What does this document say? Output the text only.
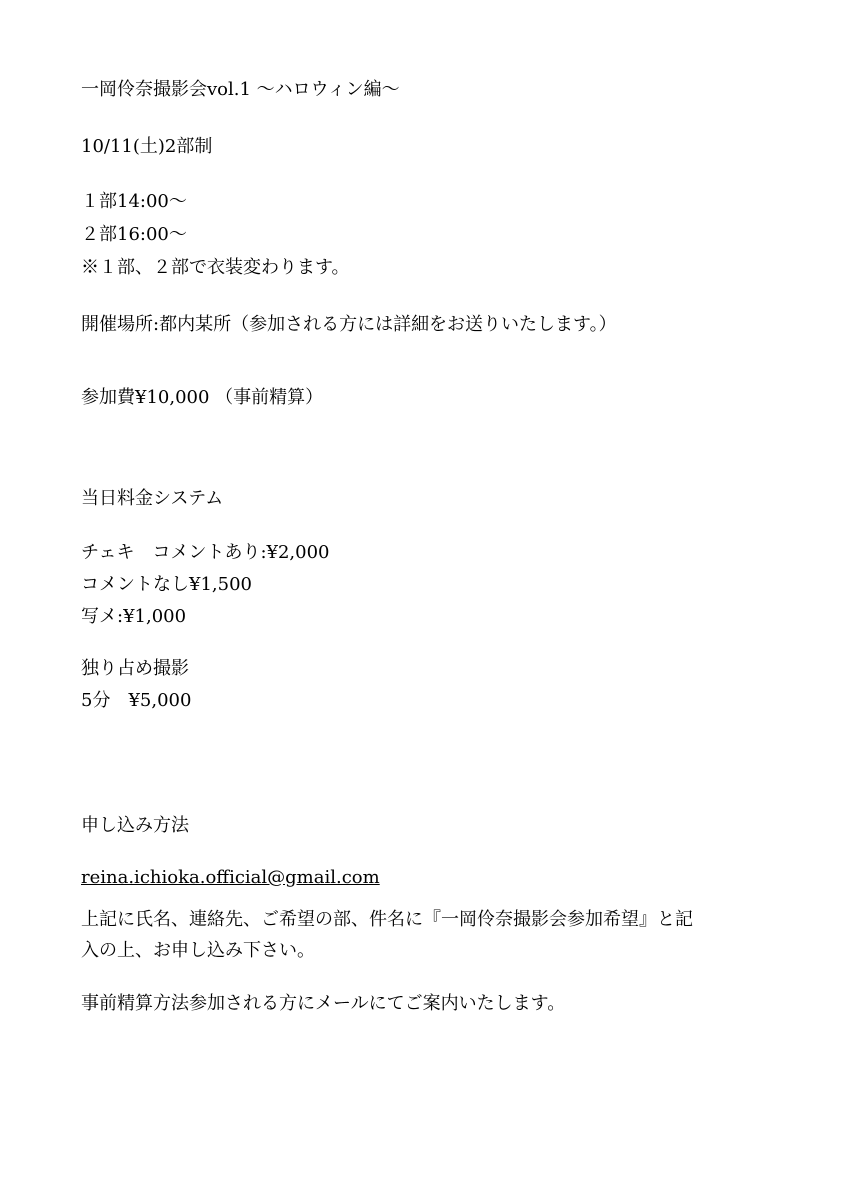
一岡伶奈撮影会vol.1 〜ハロウィン編〜

10/11(土)2部制

１部14:00〜

２部16:00〜

※１部、２部で衣装変わります。

開催場所:都内某所（参加される方には詳細をお送りいたします。）

参加費¥10,000 （事前精算）

当日料金システム

チェキ　コメントあり:¥2,000

コメントなし¥1,500

写メ:¥1,000

独り占め撮影

5分　¥5,000

申し込み方法

reina.ichioka.official@gmail.com

上記に氏名、連絡先、ご希望の部、件名に『一岡伶奈撮影会参加希望』と記

入の上、お申し込み下さい。

事前精算方法参加される方にメールにてご案内いたします。
